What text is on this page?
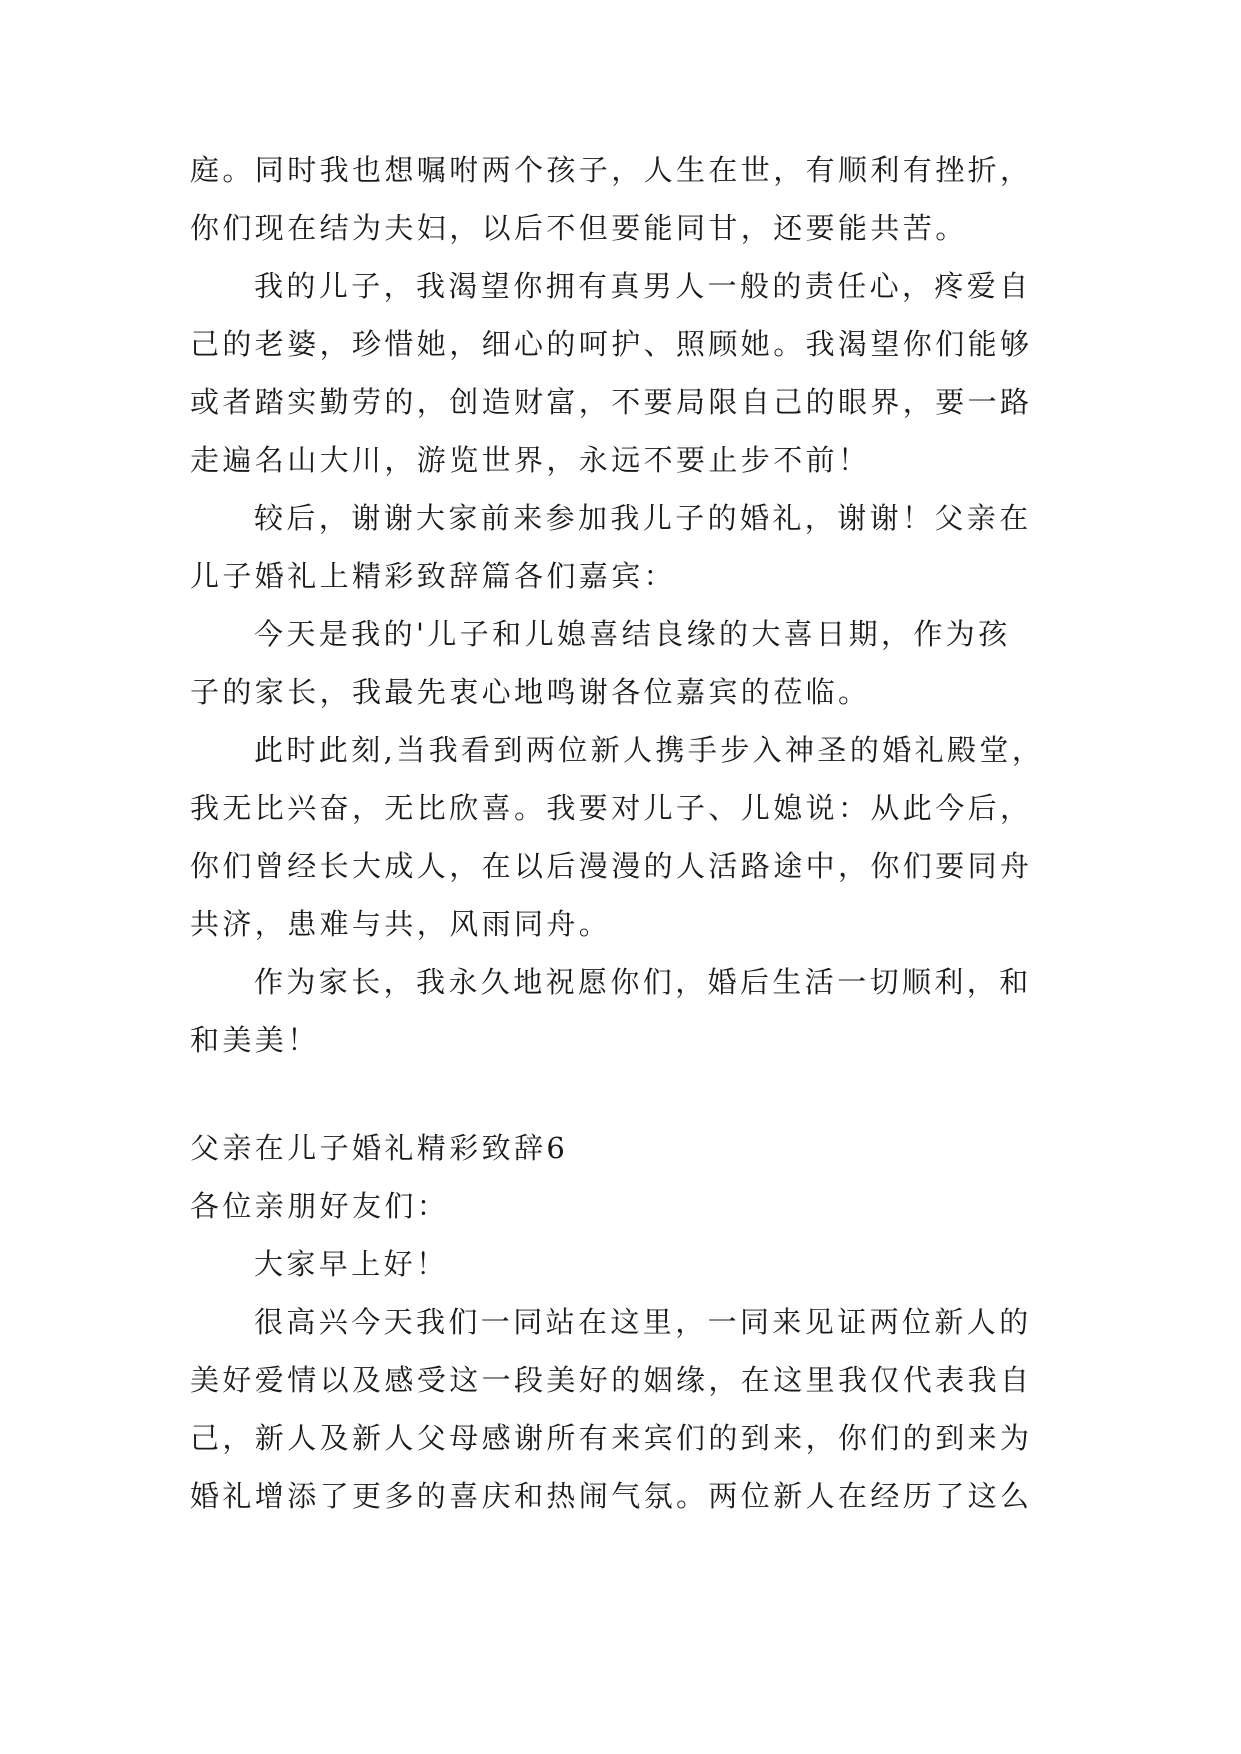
庭。同时我也想嘱咐两个孩子，人生在世，有顺利有挫折，
你们现在结为夫妇，以后不但要能同甘，还要能共苦。
我的儿子，我渴望你拥有真男人一般的责任心，疼爱自
己的老婆，珍惜她，细心的呵护、照顾她。我渴望你们能够
或者踏实勤劳的，创造财富，不要局限自己的眼界，要一路
走遍名山大川，游览世界，永远不要止步不前！
较后，谢谢大家前来参加我儿子的婚礼，谢谢！父亲在
儿子婚礼上精彩致辞篇各们嘉宾：
今天是我的'儿子和儿媳喜结良缘的大喜日期，作为孩
子的家长，我最先衷心地鸣谢各位嘉宾的莅临。
此时此刻,当我看到两位新人携手步入神圣的婚礼殿堂，
我无比兴奋，无比欣喜。我要对儿子、儿媳说：从此今后，
你们曾经长大成人，在以后漫漫的人活路途中，你们要同舟
共济，患难与共，风雨同舟。
作为家长，我永久地祝愿你们，婚后生活一切顺利，和
和美美！
父亲在儿子婚礼精彩致辞6
各位亲朋好友们：
大家早上好！
很高兴今天我们一同站在这里，一同来见证两位新人的
美好爱情以及感受这一段美好的姻缘，在这里我仅代表我自
己，新人及新人父母感谢所有来宾们的到来，你们的到来为
婚礼增添了更多的喜庆和热闹气氛。两位新人在经历了这么
